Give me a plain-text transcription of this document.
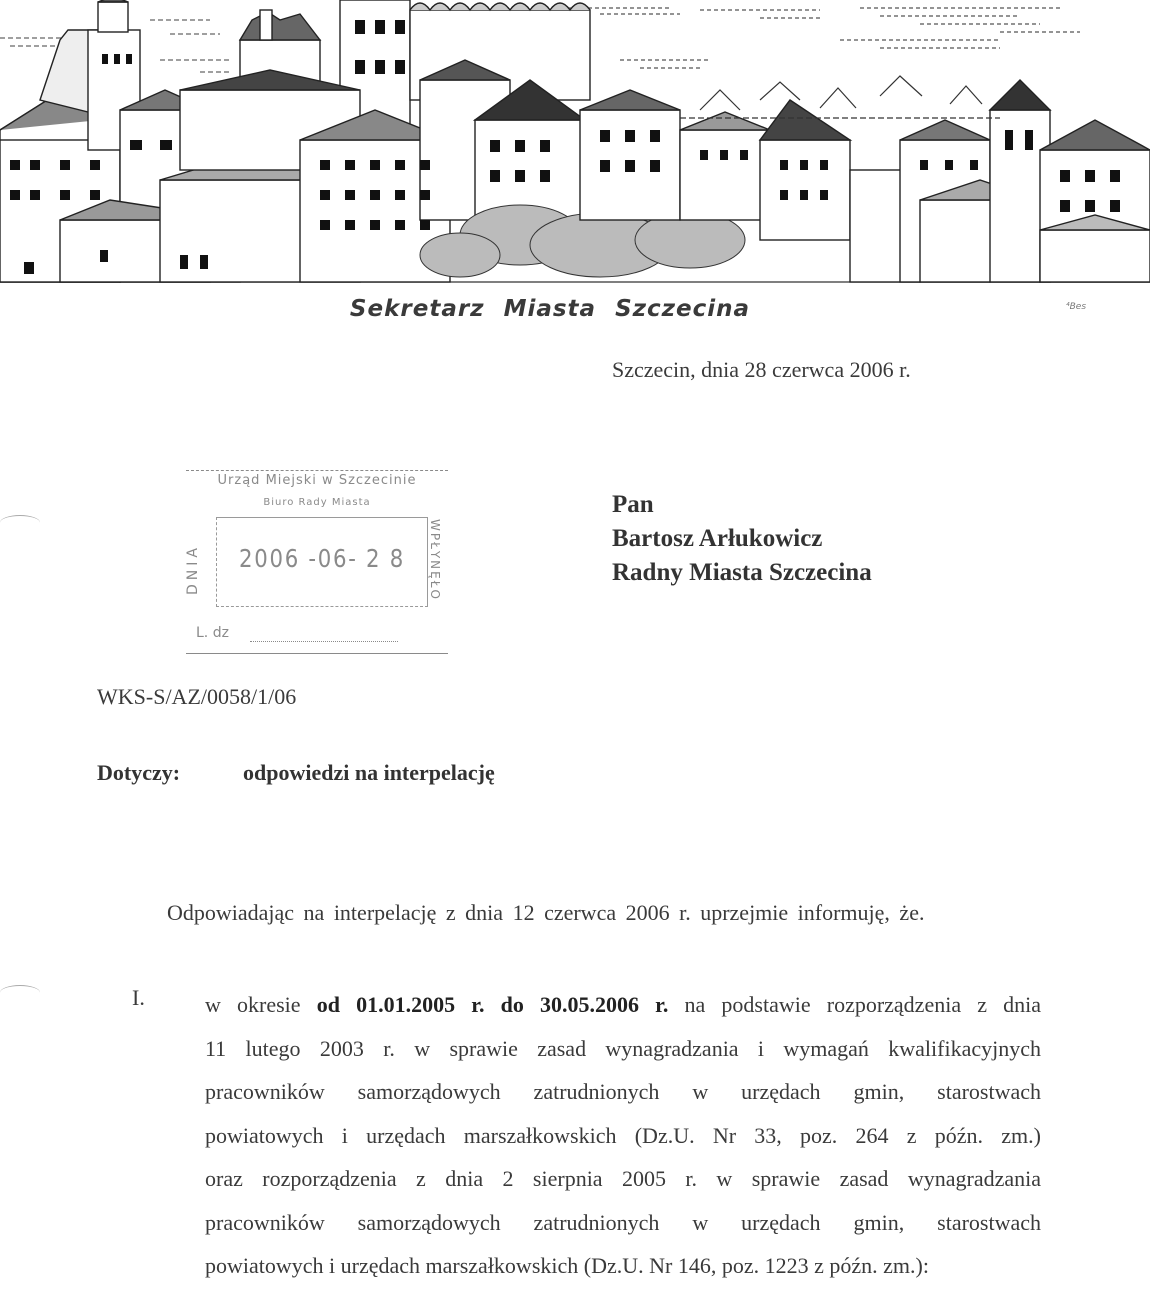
Sekretarz Miasta Szczecina	⁴Bes
Szczecin, dnia 28 czerwca 2006 r.
Urząd Miejski w Szczecinie
Biuro Rady Miasta
DNIA 2006 -06- 2 8	WPŁYNĘŁO
L. dz
Pan
Bartosz Arłukowicz
Radny Miasta Szczecina
WKS-S/AZ/0058/1/06
Dotyczy:	odpowiedzi na interpelację
Odpowiadając na interpelację z dnia 12 czerwca 2006 r. uprzejmie informuję, że.
I.	w okresie od 01.01.2005 r. do 30.05.2006 r. na podstawie rozporządzenia z dnia
11 lutego 2003 r. w sprawie zasad wynagradzania i wymagań kwalifikacyjnych
pracowników samorządowych zatrudnionych w urzędach gmin, starostwach
powiatowych i urzędach marszałkowskich (Dz.U. Nr 33, poz. 264 z późn. zm.)
oraz rozporządzenia z dnia 2 sierpnia 2005 r. w sprawie zasad wynagradzania
pracowników samorządowych zatrudnionych w urzędach gmin, starostwach
powiatowych i urzędach marszałkowskich (Dz.U. Nr 146, poz. 1223 z późn. zm.):
